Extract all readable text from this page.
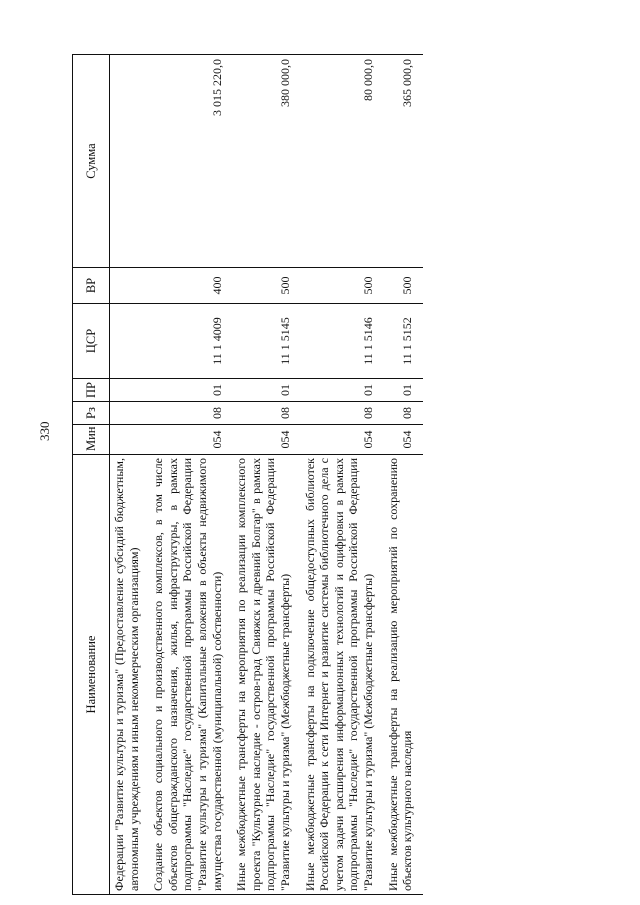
330
Наименование	Мин	Рз	ПР	ЦСР	ВР	Сумма
Федерации "Развитие культуры и туризма" (Предоставление субсидий бюджетным, автономным учреждениям и иным некоммерческим организациям)						
Создание объектов социального и производственного комплексов, в том числе объектов общегражданского назначения, жилья, инфраструктуры, в рамках подпрограммы "Наследие" государственной программы Российской Федерации "Развитие культуры и туризма" (Капитальные вложения в объекты недвижимого имущества государственной (муниципальной) собственности)	054	08	01	11 1 4009	400	3 015 220,0
Иные межбюджетные трансферты на мероприятия по реализации комплексного проекта "Культурное наследие - остров-град Свияжск и древний Болгар" в рамках подпрограммы "Наследие" государственной программы Российской Федерации "Развитие культуры и туризма" (Межбюджетные трансферты)	054	08	01	11 1 5145	500	380 000,0
Иные межбюджетные трансферты на подключение общедоступных библиотек Российской Федерации к сети Интернет и развитие системы библиотечного дела с учетом задачи расширения информационных технологий и оцифровки в рамках подпрограммы "Наследие" государственной программы Российской Федерации "Развитие культуры и туризма" (Межбюджетные трансферты)	054	08	01	11 1 5146	500	80 000,0
Иные межбюджетные трансферты на реализацию мероприятий по сохранению объектов культурного наследия	054	08	01	11 1 5152	500	365 000,0
